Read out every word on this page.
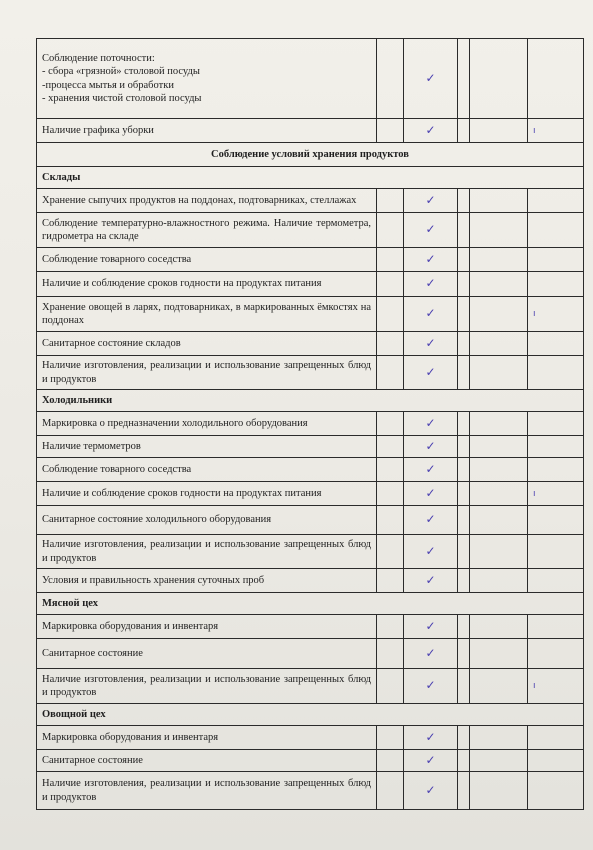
Соблюдение поточности:
- сбора «грязной» столовой посуды
-процесса мытья и обработки
- хранения чистой столовой посуды		✓			
Наличие графика уборки		✓			ı
Соблюдение условий хранения продуктов					
Склады					
Хранение сыпучих продуктов на поддонах, подтоварниках, стеллажах		✓			
Соблюдение температурно-влажностного режима. Наличие термометра, гидрометра на складе		✓			
Соблюдение товарного соседства		✓			
Наличие и соблюдение сроков годности на продуктах питания		✓			
Хранение овощей в ларях, подтоварниках, в маркированных ёмкостях на поддонах		✓			ı
Санитарное состояние складов		✓			
Наличие изготовления, реализации и использование запрещенных блюд и продуктов		✓			
Холодильники					
Маркировка о предназначении холодильного оборудования		✓			
Наличие термометров		✓			
Соблюдение товарного соседства		✓			
Наличие и соблюдение сроков годности на продуктах питания		✓			ı
Санитарное состояние холодильного оборудования		✓			
Наличие изготовления, реализации и использование запрещенных блюд и продуктов		✓			
Условия и правильность хранения суточных проб		✓			
Мясной цех					
Маркировка оборудования и инвентаря		✓			
Санитарное состояние		✓			
Наличие изготовления, реализации и использование запрещенных блюд и продуктов		✓			ı
Овощной цех					
Маркировка оборудования и инвентаря		✓			
Санитарное состояние		✓			
Наличие изготовления, реализации и использование запрещенных блюд и продуктов		✓			
